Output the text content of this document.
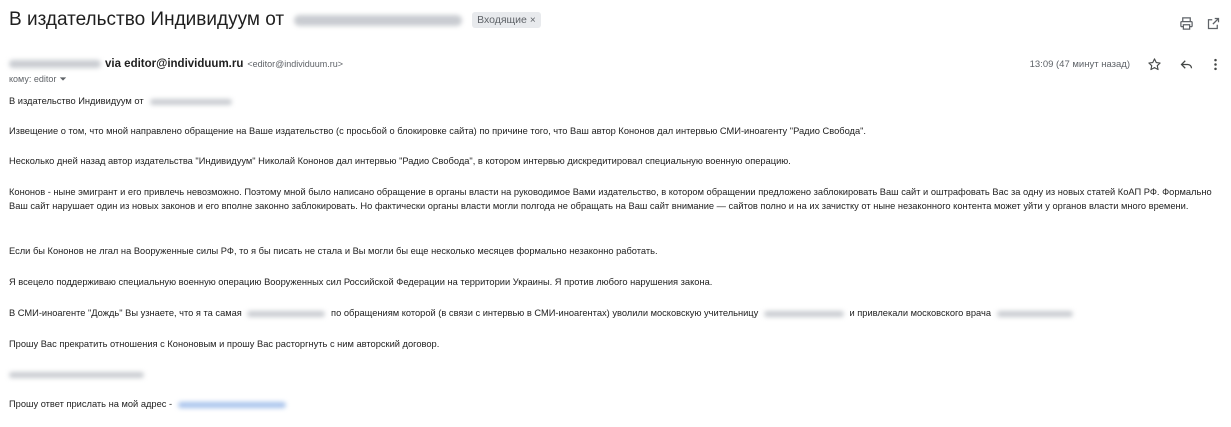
В издательство Индивидуум от	Входящие ×
via editor@individuum.ru <editor@individuum.ru>
кому: editor
13:09 (47 минут назад)

В издательство Индивидуум от

Извещение о том, что мной направлено обращение на Ваше издательство (с просьбой о блокировке сайта) по причине того, что Ваш автор Кононов дал интервью СМИ-иноагенту "Радио Свобода".

Несколько дней назад автор издательства "Индивидуум" Николай Кононов дал интервью "Радио Свобода", в котором интервью дискредитировал специальную военную операцию.

Кононов - ныне эмигрант и его привлечь невозможно. Поэтому мной было написано обращение в органы власти на руководимое Вами издательство, в котором обращении предложено заблокировать Ваш сайт и оштрафовать Вас за одну из новых статей КоАП РФ. Формально Ваш сайт нарушает один из новых законов и его вполне законно заблокировать. Но фактически органы власти могли полгода не обращать на Ваш сайт внимание — сайтов полно и на их зачистку от ныне незаконного контента может уйти у органов власти много времени.

Если бы Кононов не лгал на Вооруженные силы РФ, то я бы писать не стала и Вы могли бы еще несколько месяцев формально незаконно работать.

Я всецело поддерживаю специальную военную операцию Вооруженных сил Российской Федерации на территории Украины. Я против любого нарушения закона.

В СМИ-иноагенте "Дождь" Вы узнаете, что я та самая	по обращениям которой (в связи с интервью в СМИ-иноагентах) уволили московскую учительницу	и привлекали московского врача

Прошу Вас прекратить отношения с Кононовым и прошу Вас расторгнуть с ним авторский договор.

Прошу ответ прислать на мой адрес -
